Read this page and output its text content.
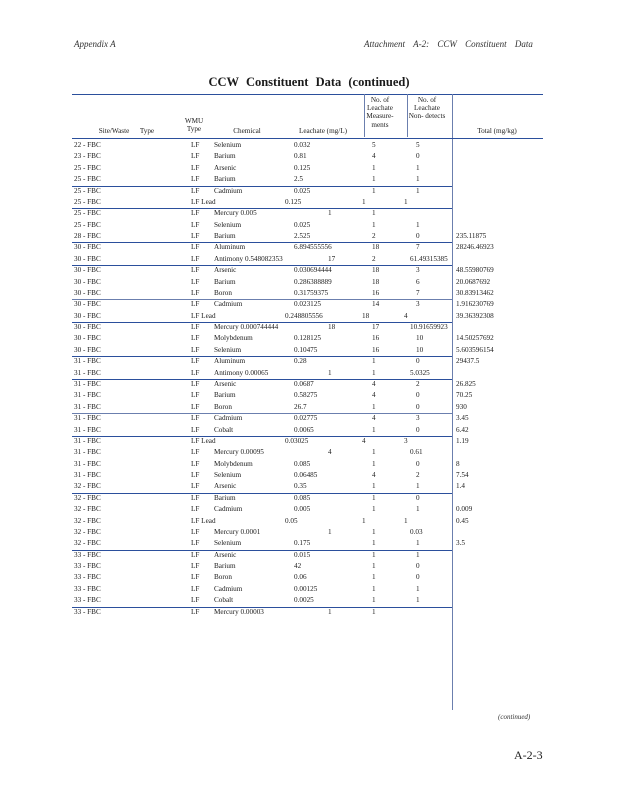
Appendix A	Attachment A-2: CCW Constituent Data
CCW Constituent Data (continued)
Site/Waste	Type
WMU Type	Chemical	Leachate (mg/L)
No. of Leachate Measure- ments
No. of Leachate Non- detects
Total (mg/kg)
22 - FBC	LF Selenium	0.032	5	5
23 - FBC	LF Barium	0.81	4	0
25 - FBC	LF Arsenic	0.125	1	1
25 - FBC	LF Barium	2.5	1	1
25 - FBC	LF Cadmium	0.025	1	1
25 - FBC	LF Lead	0.125	1	1
25 - FBC	LF Mercury 0.005	1	1
25 - FBC	LF Selenium	0.025	1	1
28 - FBC	LF Barium	2.525	2	0	235.11875
30 - FBC	LF Aluminum	6.894555556	18	7	28246.46923
30 - FBC	LF Antimony 0.548082353	17	2	61.49315385
30 - FBC	LF Arsenic	0.030694444	18	3	48.55980769
30 - FBC	LF Barium	0.286388889	18	6	20.0687692
30 - FBC	LF Boron	0.31759375	16	7	30.83913462
30 - FBC	LF Cadmium	0.023125	14	3	1.916230769
30 - FBC	LF Lead	0.248805556	18	4	39.36392308
30 - FBC	LF Mercury 0.000744444	18	17	10.91659923
30 - FBC	LF Molybdenum	0.128125	16	10	14.50257692
30 - FBC	LF Selenium	0.10475	16	10	5.603596154
31 - FBC	LF Aluminum	0.28	1	0	29437.5
31 - FBC	LF Antimony 0.00065	1	1	5.0325
31 - FBC	LF Arsenic	0.0687	4	2	26.825
31 - FBC	LF Barium	0.58275	4	0	70.25
31 - FBC	LF Boron	26.7	1	0	930
31 - FBC	LF Cadmium	0.02775	4	3	3.45
31 - FBC	LF Cobalt	0.0065	1	0	6.42
31 - FBC	LF Lead	0.03025	4	3	1.19
31 - FBC	LF Mercury 0.00095	4	1	0.61
31 - FBC	LF Molybdenum	0.085	1	0	8
31 - FBC	LF Selenium	0.06485	4	2	7.54
32 - FBC	LF Arsenic	0.35	1	1	1.4
32 - FBC	LF Barium	0.085	1	0
32 - FBC	LF Cadmium	0.005	1	1	0.009
32 - FBC	LF Lead	0.05	1	1	0.45
32 - FBC	LF Mercury 0.0001	1	1	0.03
32 - FBC	LF Selenium	0.175	1	1	3.5
33 - FBC	LF Arsenic	0.015	1	1
33 - FBC	LF Barium	42	1	0
33 - FBC	LF Boron	0.06	1	0
33 - FBC	LF Cadmium	0.00125	1	1
33 - FBC	LF Cobalt	0.0025	1	1
33 - FBC	LF Mercury 0.00003	1	1
(continued)
A-2-3
